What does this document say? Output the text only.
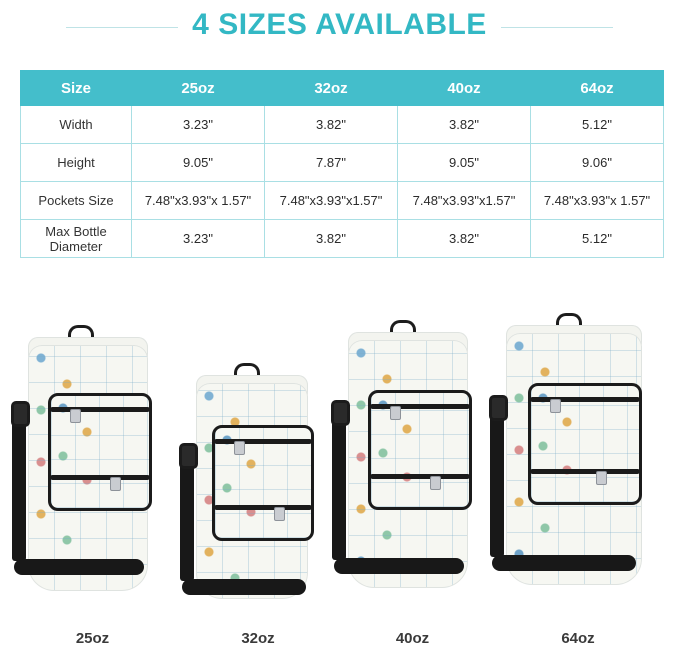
4 SIZES AVAILABLE
Size	25oz	32oz	40oz	64oz
Width	3.23"	3.82"	3.82"	5.12"
Height	9.05"	7.87"	9.05"	9.06"
Pockets Size	7.48"x3.93"x 1.57"	7.48"x3.93"x1.57"	7.48"x3.93"x1.57"	7.48"x3.93"x 1.57"

Max Bottle
Diameter	3.23"	3.82"	3.82"	5.12"
25oz	32oz	40oz	64oz
